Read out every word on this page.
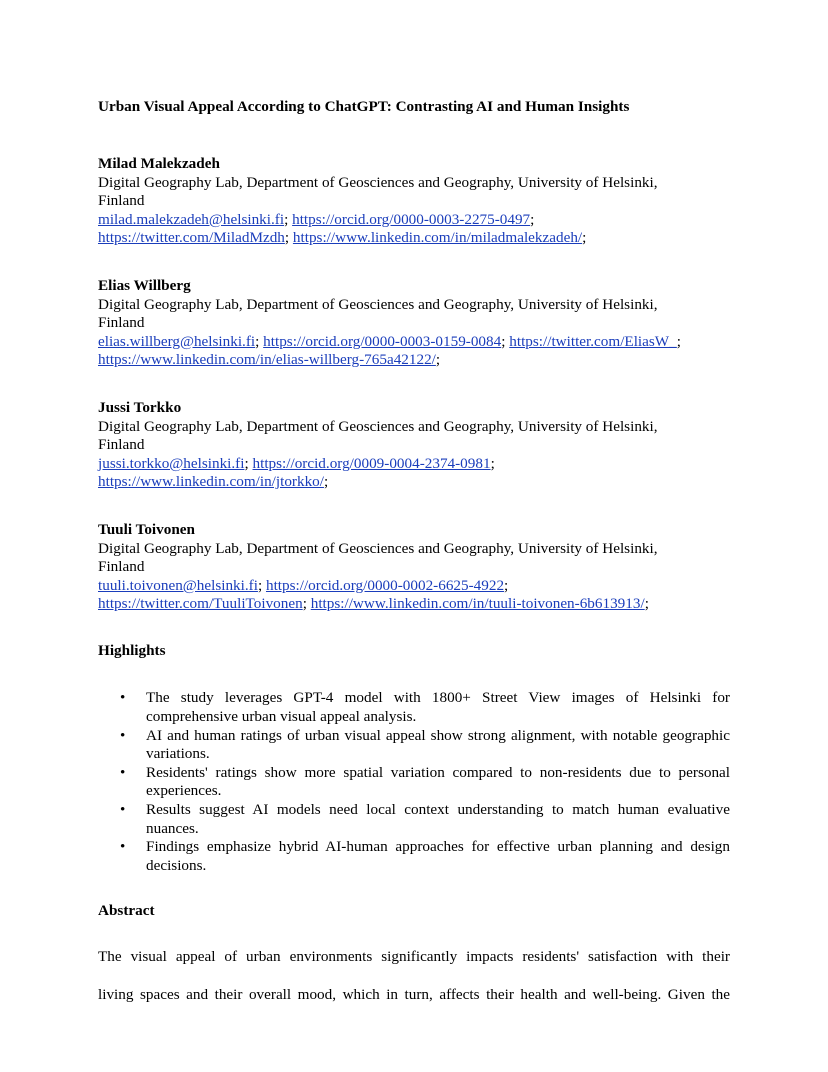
Urban Visual Appeal According to ChatGPT: Contrasting AI and Human Insights

Milad Malekzadeh
Digital Geography Lab, Department of Geosciences and Geography, University of Helsinki,
Finland
milad.malekzadeh@helsinki.fi; https://orcid.org/0000-0003-2275-0497;
https://twitter.com/MiladMzdh; https://www.linkedin.com/in/miladmalekzadeh/;
Elias Willberg
Digital Geography Lab, Department of Geosciences and Geography, University of Helsinki,
Finland
elias.willberg@helsinki.fi; https://orcid.org/0000-0003-0159-0084; https://twitter.com/EliasW_;
https://www.linkedin.com/in/elias-willberg-765a42122/;
Jussi Torkko
Digital Geography Lab, Department of Geosciences and Geography, University of Helsinki,
Finland
jussi.torkko@helsinki.fi; https://orcid.org/0009-0004-2374-0981;
https://www.linkedin.com/in/jtorkko/;
Tuuli Toivonen
Digital Geography Lab, Department of Geosciences and Geography, University of Helsinki,
Finland
tuuli.toivonen@helsinki.fi; https://orcid.org/0000-0002-6625-4922;
https://twitter.com/TuuliToivonen; https://www.linkedin.com/in/tuuli-toivonen-6b613913/;
Highlights
• The study leverages GPT-4 model with 1800+ Street View images of Helsinki for comprehensive urban visual appeal analysis.
• AI and human ratings of urban visual appeal show strong alignment, with notable geographic variations.
• Residents' ratings show more spatial variation compared to non-residents due to personal experiences.
• Results suggest AI models need local context understanding to match human evaluative nuances.
• Findings emphasize hybrid AI-human approaches for effective urban planning and design decisions.
Abstract
The visual appeal of urban environments significantly impacts residents' satisfaction with their
living spaces and their overall mood, which in turn, affects their health and well-being. Given the
